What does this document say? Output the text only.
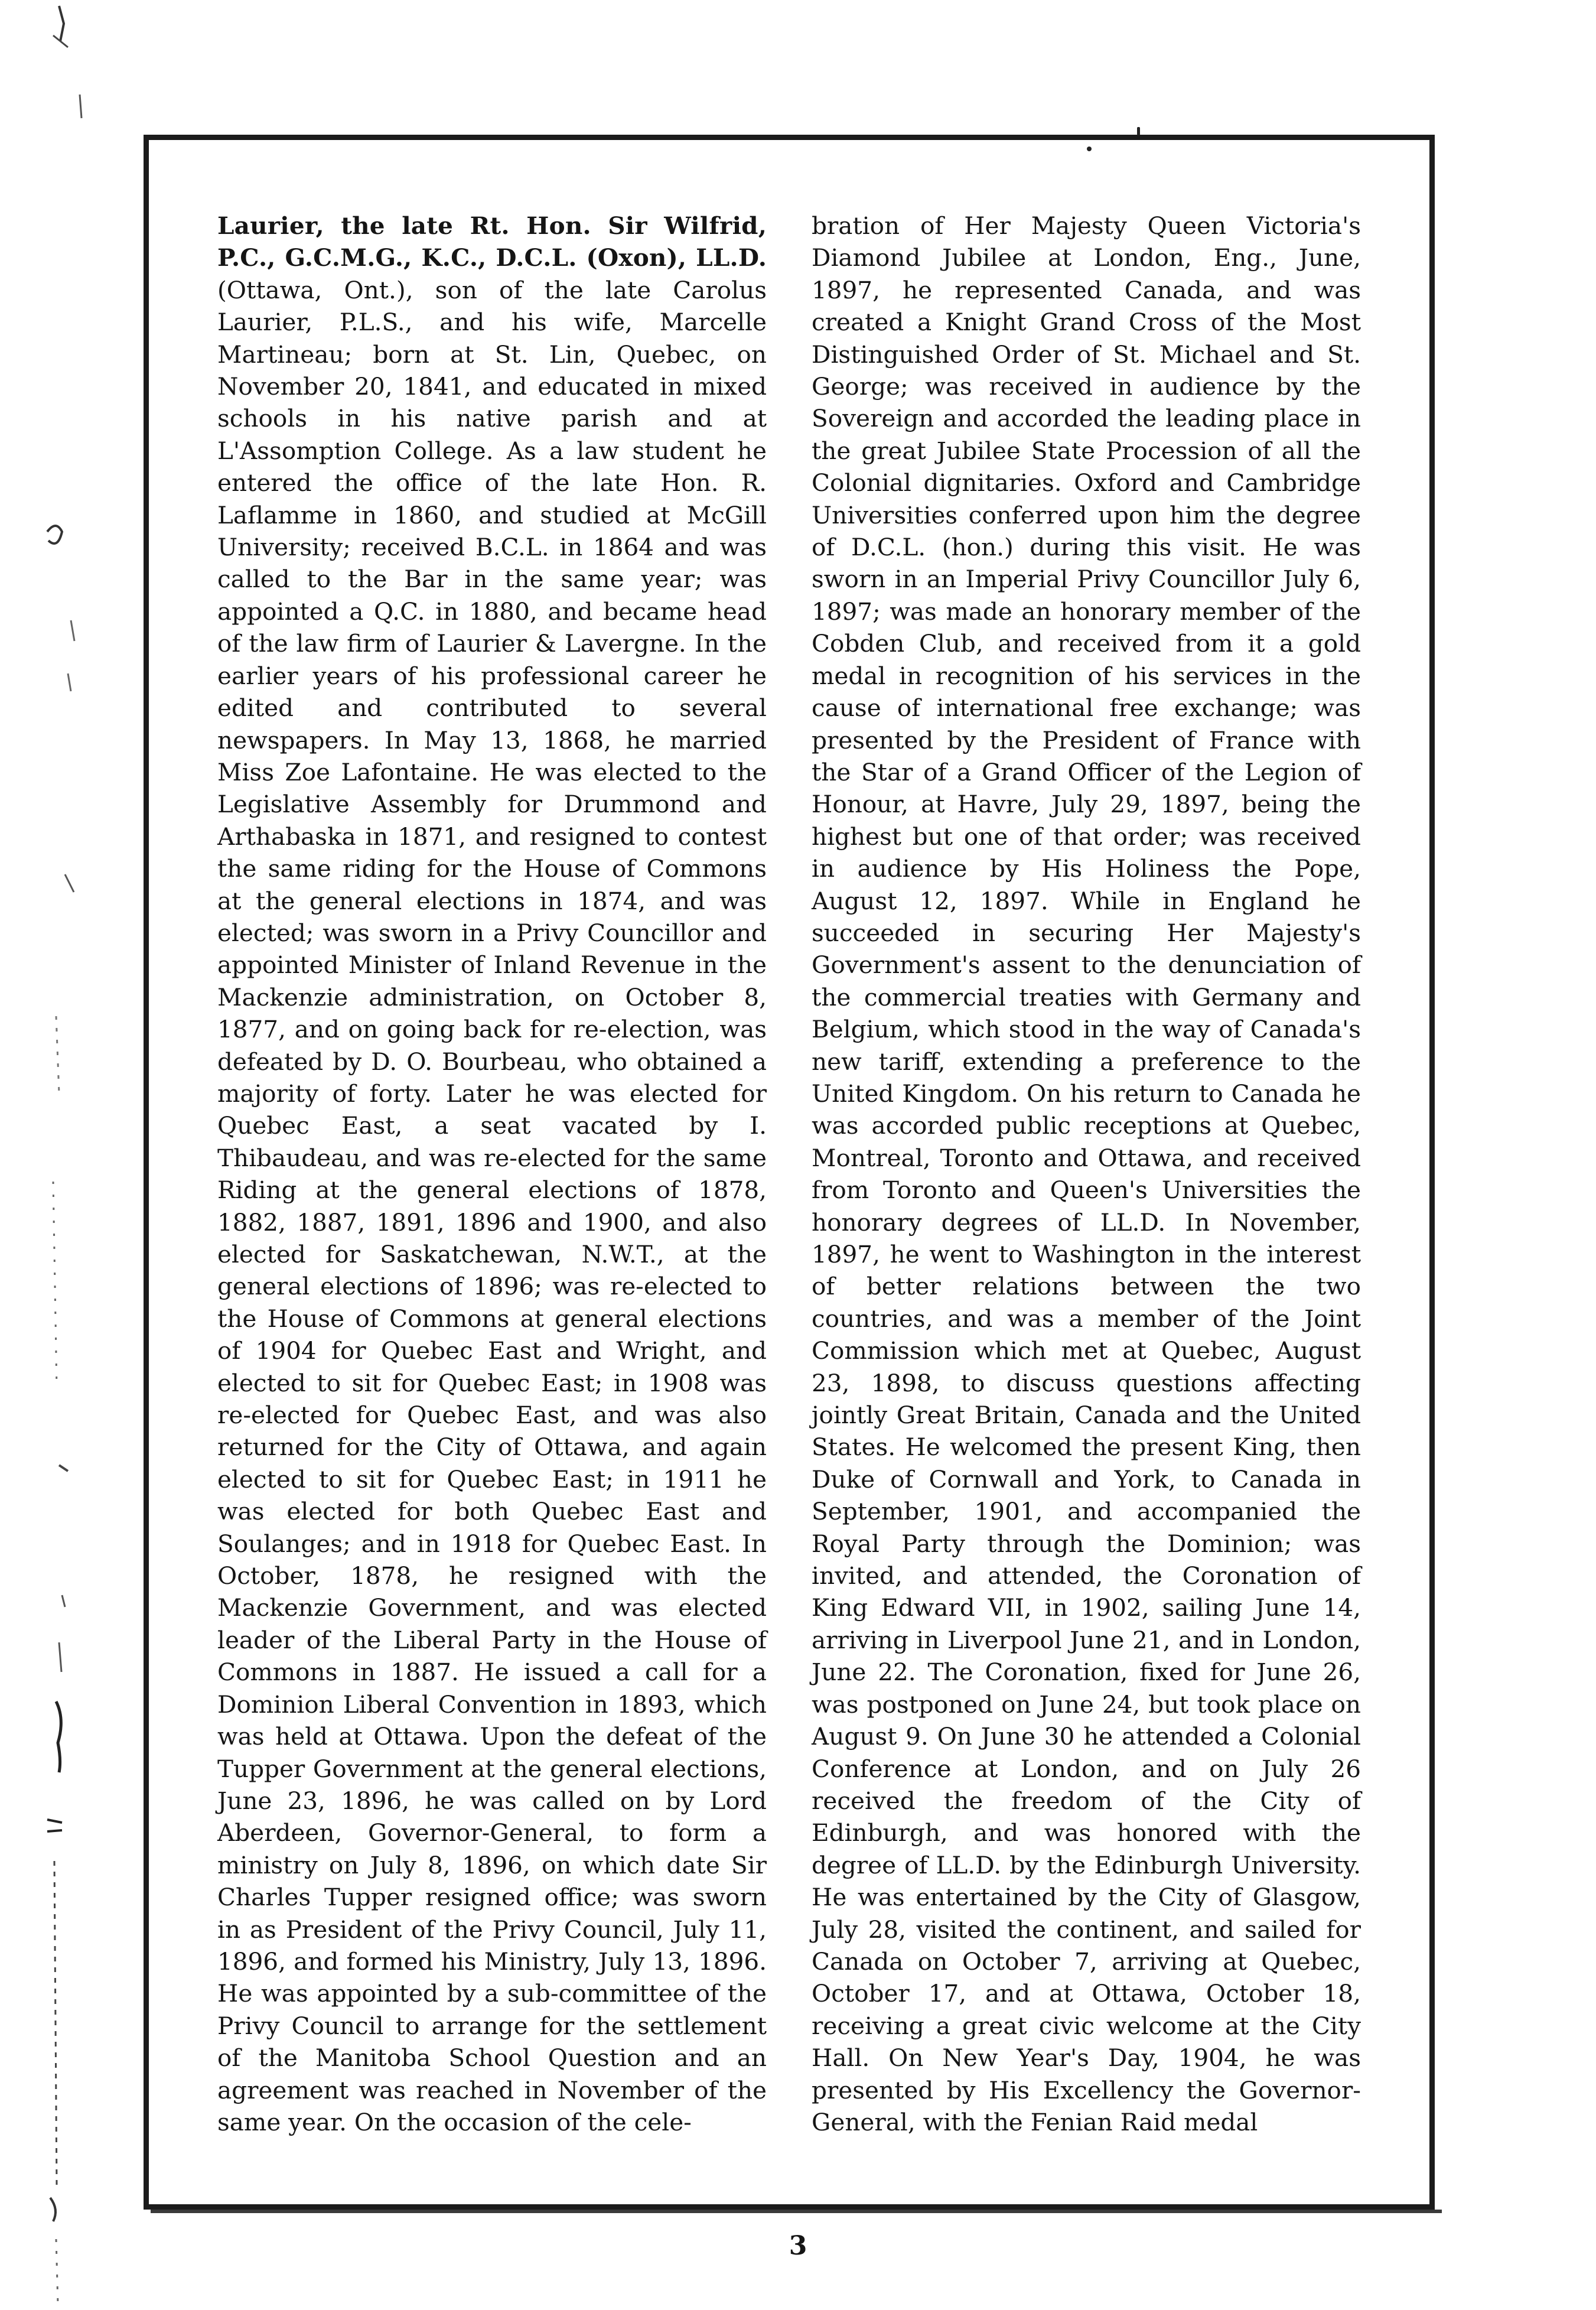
Laurier, the late Rt. Hon. Sir Wilfrid, P.C., G.C.M.G., K.C., D.C.L. (Oxon), LL.D. (Ottawa, Ont.), son of the late Carolus Laurier, P.L.S., and his wife, Marcelle Martineau; born at St. Lin, Quebec, on November 20, 1841, and educated in mixed schools in his native parish and at L'Assomption College. As a law student he entered the office of the late Hon. R. Laflamme in 1860, and studied at McGill University; received B.C.L. in 1864 and was called to the Bar in the same year; was appointed a Q.C. in 1880, and became head of the law firm of Laurier & Lavergne. In the earlier years of his professional career he edited and contributed to several newspapers. In May 13, 1868, he married Miss Zoe Lafontaine. He was elected to the Legislative Assembly for Drummond and Arthabaska in 1871, and resigned to contest the same riding for the House of Commons at the general elections in 1874, and was elected; was sworn in a Privy Councillor and appointed Minister of Inland Revenue in the Mackenzie administration, on October 8, 1877, and on going back for re-election, was defeated by D. O. Bourbeau, who obtained a majority of forty. Later he was elected for Quebec East, a seat vacated by I. Thibaudeau, and was re-elected for the same Riding at the general elections of 1878, 1882, 1887, 1891, 1896 and 1900, and also elected for Saskatchewan, N.W.T., at the general elections of 1896; was re-elected to the House of Commons at general elections of 1904 for Quebec East and Wright, and elected to sit for Quebec East; in 1908 was re-elected for Quebec East, and was also returned for the City of Ottawa, and again elected to sit for Quebec East; in 1911 he was elected for both Quebec East and Soulanges; and in 1918 for Quebec East. In October, 1878, he resigned with the Mackenzie Government, and was elected leader of the Liberal Party in the House of Commons in 1887. He issued a call for a Dominion Liberal Convention in 1893, which was held at Ottawa. Upon the defeat of the Tupper Government at the general elections, June 23, 1896, he was called on by Lord Aberdeen, Governor-General, to form a ministry on July 8, 1896, on which date Sir Charles Tupper resigned office; was sworn in as President of the Privy Council, July 11, 1896, and formed his Ministry, July 13, 1896. He was appointed by a sub-committee of the Privy Council to arrange for the settlement of the Manitoba School Question and an agreement was reached in November of the same year. On the occasion of the cele-
bration of Her Majesty Queen Victoria's Diamond Jubilee at London, Eng., June, 1897, he represented Canada, and was created a Knight Grand Cross of the Most Distinguished Order of St. Michael and St. George; was received in audience by the Sovereign and accorded the leading place in the great Jubilee State Procession of all the Colonial dignitaries. Oxford and Cambridge Universities conferred upon him the degree of D.C.L. (hon.) during this visit. He was sworn in an Imperial Privy Councillor July 6, 1897; was made an honorary member of the Cobden Club, and received from it a gold medal in recognition of his services in the cause of international free exchange; was presented by the President of France with the Star of a Grand Officer of the Legion of Honour, at Havre, July 29, 1897, being the highest but one of that order; was received in audience by His Holiness the Pope, August 12, 1897. While in England he succeeded in securing Her Majesty's Government's assent to the denunciation of the commercial treaties with Germany and Belgium, which stood in the way of Canada's new tariff, extending a preference to the United Kingdom. On his return to Canada he was accorded public receptions at Quebec, Montreal, Toronto and Ottawa, and received from Toronto and Queen's Universities the honorary degrees of LL.D. In November, 1897, he went to Washington in the interest of better relations between the two countries, and was a member of the Joint Commission which met at Quebec, August 23, 1898, to discuss questions affecting jointly Great Britain, Canada and the United States. He welcomed the present King, then Duke of Cornwall and York, to Canada in September, 1901, and accompanied the Royal Party through the Dominion; was invited, and attended, the Coronation of King Edward VII, in 1902, sailing June 14, arriving in Liverpool June 21, and in London, June 22. The Coronation, fixed for June 26, was postponed on June 24, but took place on August 9. On June 30 he attended a Colonial Conference at London, and on July 26 received the freedom of the City of Edinburgh, and was honored with the degree of LL.D. by the Edinburgh University. He was entertained by the City of Glasgow, July 28, visited the continent, and sailed for Canada on October 7, arriving at Quebec, October 17, and at Ottawa, October 18, receiving a great civic welcome at the City Hall. On New Year's Day, 1904, he was presented by His Excellency the Governor-General, with the Fenian Raid medal
3
